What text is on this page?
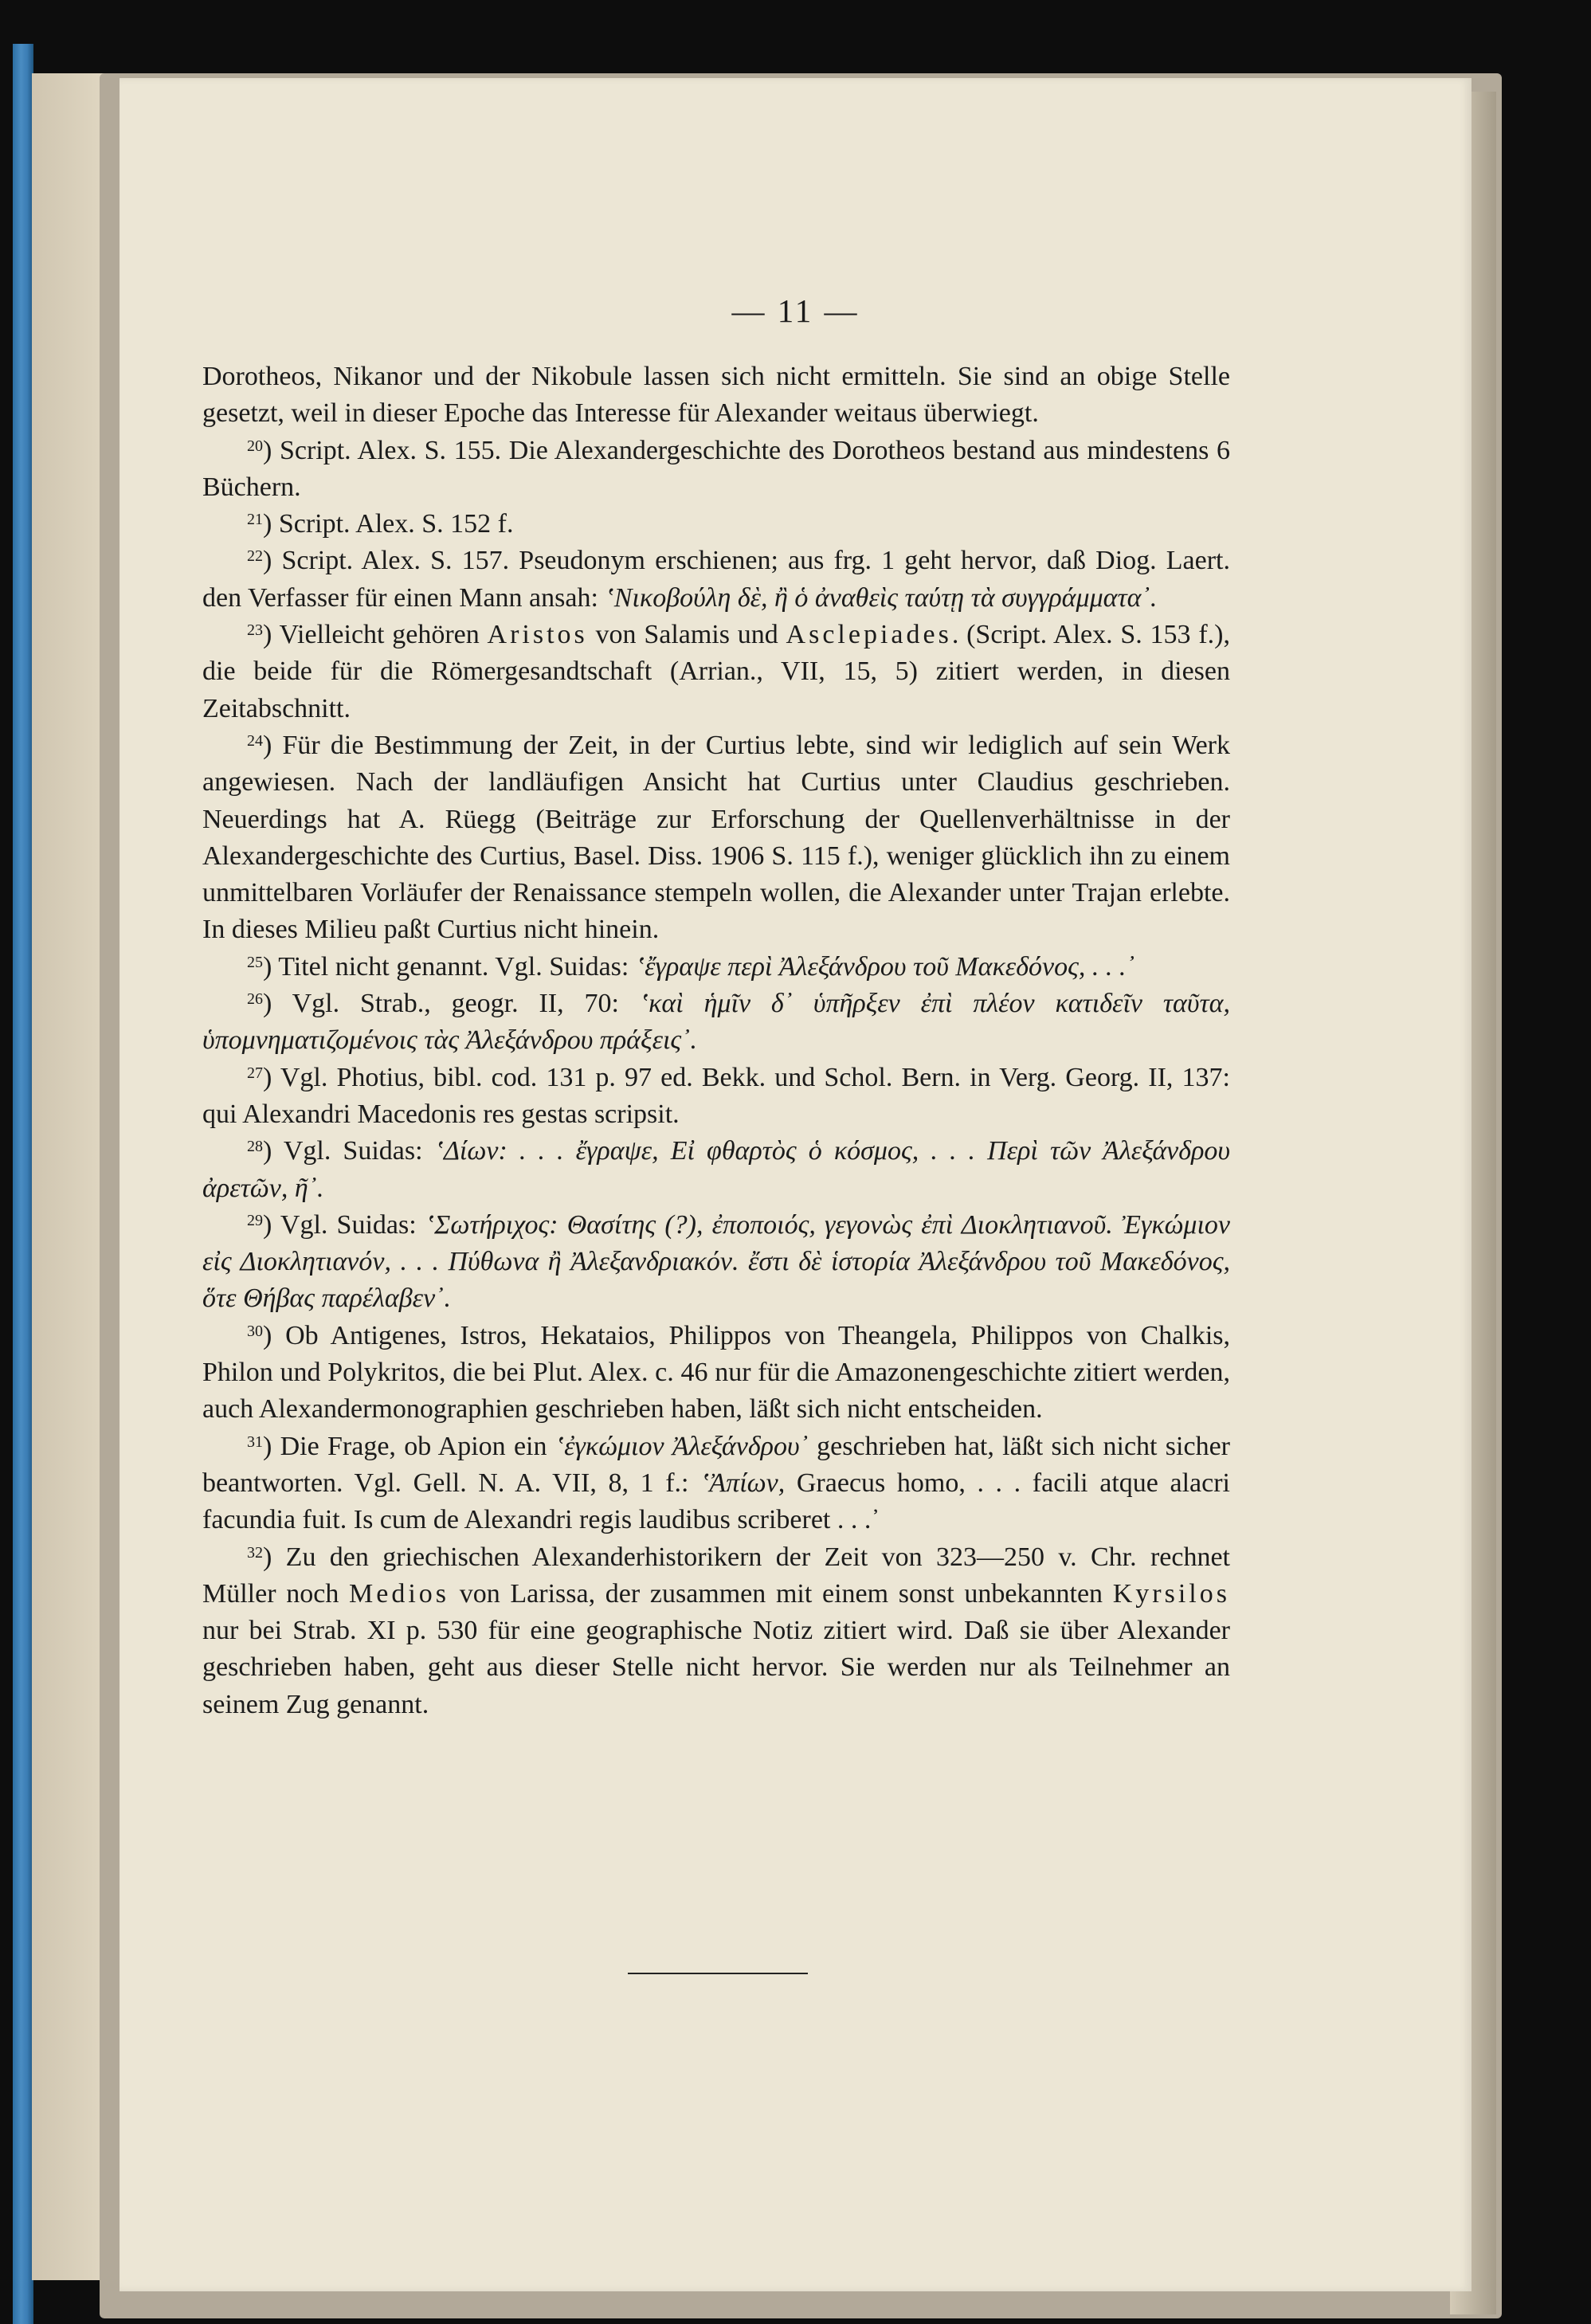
— 11 —

Dorotheos, Nikanor und der Nikobule lassen sich nicht ermitteln. Sie sind an obige Stelle gesetzt, weil in dieser Epoche das Interesse für Alexander weitaus überwiegt.

$^{20}$) Script. Alex. S. 155. Die Alexandergeschichte des Dorotheos bestand aus mindestens 6 Büchern.

$^{21}$) Script. Alex. S. 152 f.

$^{22}$) Script. Alex. S. 157. Pseudonym erschienen; aus frg. 1 geht hervor, daß Diog. Laert. den Verfasser für einen Mann ansah: ʽΝικοβούλη δὲ, ἢ ὁ ἀναθεὶς ταύτῃ τὰ συγγράμματα᾿.

$^{23}$) Vielleicht gehören Aristos von Salamis und Asclepiades. (Script. Alex. S. 153 f.), die beide für die Römergesandtschaft (Arrian., VII, 15, 5) zitiert werden, in diesen Zeitabschnitt.

$^{24}$) Für die Bestimmung der Zeit, in der Curtius lebte, sind wir lediglich auf sein Werk angewiesen. Nach der landläufigen Ansicht hat Curtius unter Claudius geschrieben. Neuerdings hat A. Rüegg (Beiträge zur Erforschung der Quellenverhältnisse in der Alexandergeschichte des Curtius, Basel. Diss. 1906 S. 115 f.), weniger glücklich ihn zu einem unmittelbaren Vorläufer der Renaissance stempeln wollen, die Alexander unter Trajan erlebte. In dieses Milieu paßt Curtius nicht hinein.

$^{25}$) Titel nicht genannt. Vgl. Suidas: ʽἔγραψε περὶ Ἀλεξάνδρου τοῦ Μακεδόνος, . . .᾿

$^{26}$) Vgl. Strab., geogr. II, 70: ʽκαὶ ἡμῖν δ᾿ ὑπῆρξεν ἐπὶ πλέον κατιδεῖν ταῦτα, ὑπομνηματιζομένοις τὰς Ἀλεξάνδρου πράξεις᾿.

$^{27}$) Vgl. Photius, bibl. cod. 131 p. 97 ed. Bekk. und Schol. Bern. in Verg. Georg. II, 137: qui Alexandri Macedonis res gestas scripsit.

$^{28}$) Vgl. Suidas: ʽΔίων: . . . ἔγραψε, Εἰ φθαρτὸς ὁ κόσμος, . . . Περὶ τῶν Ἀλεξάνδρου ἀρετῶν, ῆ᾿.

$^{29}$) Vgl. Suidas: ʽΣωτήριχος: Θασίτης (?), ἐποποιός, γεγονὼς ἐπὶ Διοκλητιανοῦ. Ἐγκώμιον εἰς Διοκλητιανόν, . . . Πύθωνα ἢ Ἀλεξανδριακόν. ἔστι δὲ ἱστορία Ἀλεξάνδρου τοῦ Μακεδόνος, ὅτε Θήβας παρέλαβεν᾿.

$^{30}$) Ob Antigenes, Istros, Hekataios, Philippos von Theangela, Philippos von Chalkis, Philon und Polykritos, die bei Plut. Alex. c. 46 nur für die Amazonengeschichte zitiert werden, auch Alexandermonographien geschrieben haben, läßt sich nicht entscheiden.

$^{31}$) Die Frage, ob Apion ein ʽἐγκώμιον Ἀλεξάνδρου᾿ geschrieben hat, läßt sich nicht sicher beantworten. Vgl. Gell. N. A. VII, 8, 1 f.: ʽἈπίων, Graecus homo, . . . facili atque alacri facundia fuit. Is cum de Alexandri regis laudibus scriberet . . .᾿

$^{32}$) Zu den griechischen Alexanderhistorikern der Zeit von 323—250 v. Chr. rechnet Müller noch Medios von Larissa, der zusammen mit einem sonst unbekannten Kyrsilos nur bei Strab. XI p. 530 für eine geographische Notiz zitiert wird. Daß sie über Alexander geschrieben haben, geht aus dieser Stelle nicht hervor. Sie werden nur als Teilnehmer an seinem Zug genannt.
